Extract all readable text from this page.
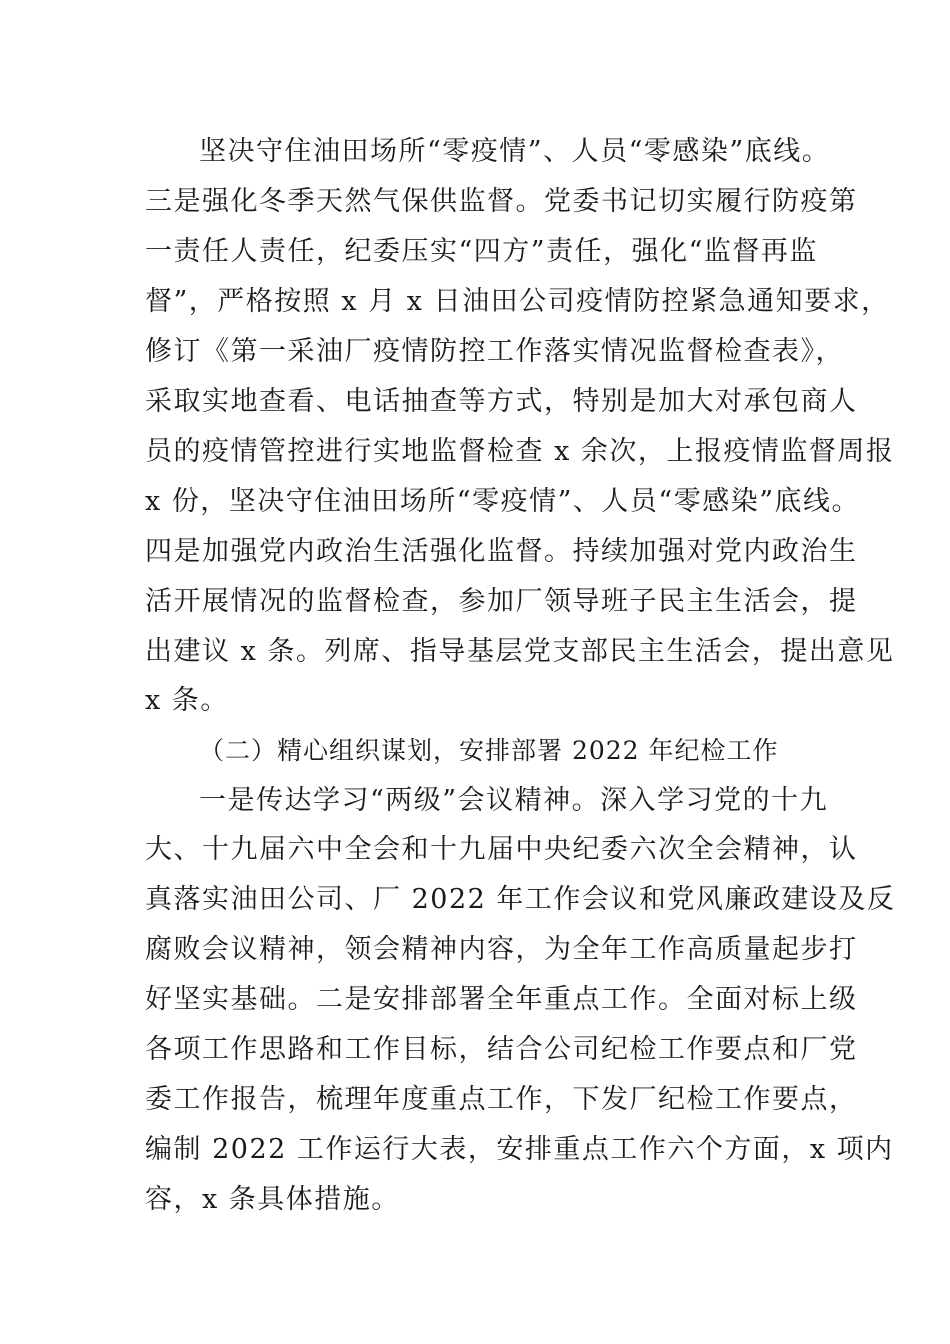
坚决守住油田场所“零疫情”、人员“零感染”底线。
三是强化冬季天然气保供监督。党委书记切实履行防疫第
一责任人责任，纪委压实“四方”责任，强化“监督再监
督”，严格按照 x 月 x 日油田公司疫情防控紧急通知要求，
修订《第一采油厂疫情防控工作落实情况监督检查表》，
采取实地查看、电话抽查等方式，特别是加大对承包商人
员的疫情管控进行实地监督检查 x 余次，上报疫情监督周报
x 份，坚决守住油田场所“零疫情”、人员“零感染”底线。
四是加强党内政治生活强化监督。持续加强对党内政治生
活开展情况的监督检查，参加厂领导班子民主生活会，提
出建议 x 条。列席、指导基层党支部民主生活会，提出意见
x 条。
（二）精心组织谋划，安排部署 2022 年纪检工作
一是传达学习“两级”会议精神。深入学习党的十九
大、十九届六中全会和十九届中央纪委六次全会精神，认
真落实油田公司、厂 2022 年工作会议和党风廉政建设及反
腐败会议精神，领会精神内容，为全年工作高质量起步打
好坚实基础。二是安排部署全年重点工作。全面对标上级
各项工作思路和工作目标，结合公司纪检工作要点和厂党
委工作报告，梳理年度重点工作，下发厂纪检工作要点，
编制 2022 工作运行大表，安排重点工作六个方面，x 项内
容，x 条具体措施。
